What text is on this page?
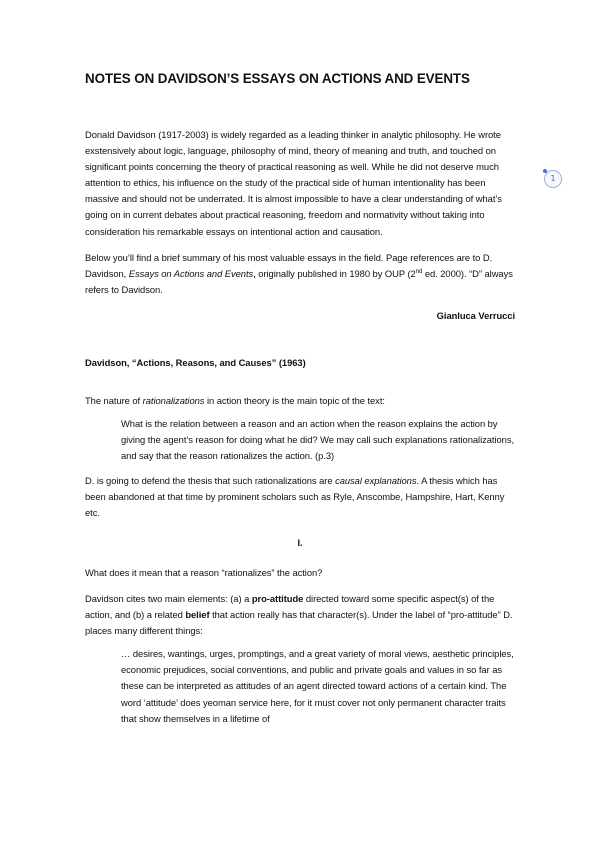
NOTES ON DAVIDSON’S ESSAYS ON ACTIONS AND EVENTS

Donald Davidson (1917-2003) is widely regarded as a leading thinker in analytic philosophy. He wrote exstensively about logic, language, philosophy of mind, theory of meaning and truth, and touched on significant points concerning the theory of practical reasoning as well. While he did not deserve much attention to ethics, his influence on the study of the practical side of human intentionality has been massive and should not be underrated. It is almost impossible to have a clear understanding of what’s going on in current debates about practical reasoning, freedom and normativity without taking into consideration his remarkable essays on intentional action and causation.

Below you’ll find a brief summary of his most valuable essays in the field. Page references are to D. Davidson, Essays on Actions and Events, originally published in 1980 by OUP (2nd ed. 2000). “D” always refers to Davidson.

Gianluca Verrucci

Davidson, “Actions, Reasons, and Causes” (1963)

The nature of rationalizations in action theory is the main topic of the text:

What is the relation between a reason and an action when the reason explains the action by giving the agent’s reason for doing what he did? We may call such explanations rationalizations, and say that the reason rationalizes the action. (p.3)

D. is going to defend the thesis that such rationalizations are causal explanations. A thesis which has been abandoned at that time by prominent scholars such as Ryle, Anscombe, Hampshire, Hart, Kenny etc.

I.

What does it mean that a reason “rationalizes” the action?

Davidson cites two main elements: (a) a pro-attitude directed toward some specific aspect(s) of the action, and (b) a related belief that action really has that character(s). Under the label of “pro-attitude” D. places many different things:

… desires, wantings, urges, promptings, and a great variety of moral views, aesthetic principles, economic prejudices, social conventions, and public and private goals and values in so far as these can be interpreted as attitudes of an agent directed toward actions of a certain kind. The word ‘attitude’ does yeoman service here, for it must cover not only permanent character traits that show themselves in a lifetime of
1
